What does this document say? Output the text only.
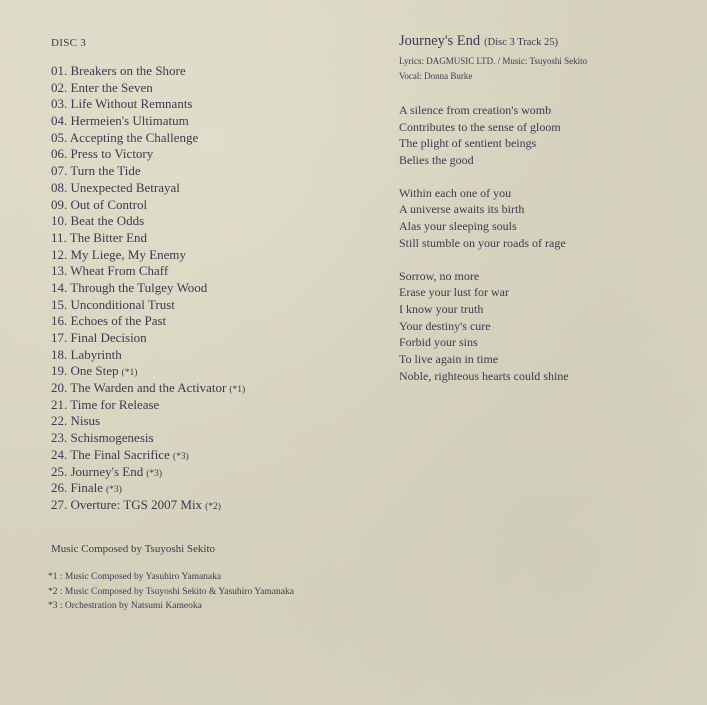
DISC 3
01. Breakers on the Shore
02. Enter the Seven
03. Life Without Remnants
04. Hermeien's Ultimatum
05. Accepting the Challenge
06. Press to Victory
07. Turn the Tide
08. Unexpected Betrayal
09. Out of Control
10. Beat the Odds
11. The Bitter End
12. My Liege, My Enemy
13. Wheat From Chaff
14. Through the Tulgey Wood
15. Unconditional Trust
16. Echoes of the Past
17. Final Decision
18. Labyrinth
19. One Step (*1)
20. The Warden and the Activator (*1)
21. Time for Release
22. Nisus
23. Schismogenesis
24. The Final Sacrifice (*3)
25. Journey's End (*3)
26. Finale (*3)
27. Overture: TGS 2007 Mix (*2)
Music Composed by Tsuyoshi Sekito
*1 : Music Composed by Yasuhiro Yamanaka
*2 : Music Composed by Tsuyoshi Sekito & Yasuhiro Yamanaka
*3 : Orchestration by Natsumi Kameoka
Journey's End (Disc 3 Track 25)
Lyrics: DAGMUSIC LTD. / Music: Tsuyoshi Sekito
Vocal: Donna Burke
A silence from creation's womb
Contributes to the sense of gloom
The plight of sentient beings
Belies the good
Within each one of you
A universe awaits its birth
Alas your sleeping souls
Still stumble on your roads of rage
Sorrow, no more
Erase your lust for war
I know your truth
Your destiny's cure
Forbid your sins
To live again in time
Noble, righteous hearts could shine
